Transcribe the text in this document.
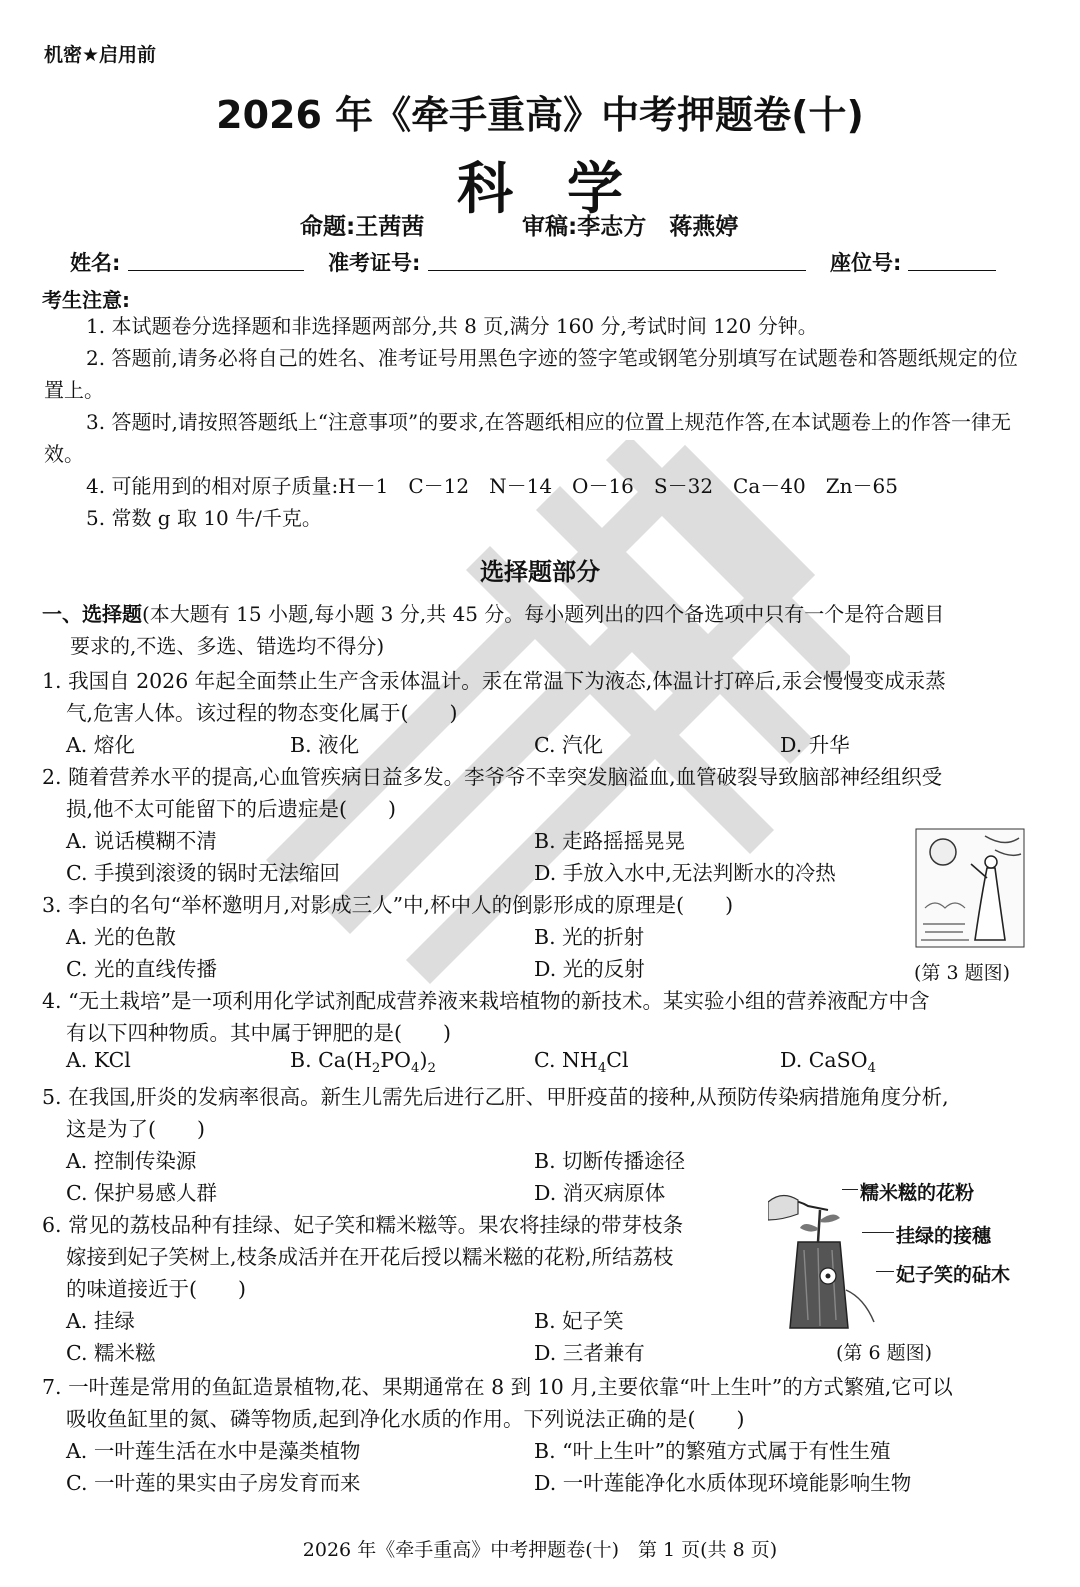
机密★启用前
2026 年《牵手重高》中考押题卷(十)
科学
命题:王茜茜	审稿:李志方　蒋燕婷
姓名:	准考证号:	座位号:
考生注意:
1. 本试题卷分选择题和非选择题两部分,共 8 页,满分 160 分,考试时间 120 分钟。
2. 答题前,请务必将自己的姓名、准考证号用黑色字迹的签字笔或钢笔分别填写在试题卷和答题纸规定的位置上。
3. 答题时,请按照答题纸上“注意事项”的要求,在答题纸相应的位置上规范作答,在本试题卷上的作答一律无效。
4. 可能用到的相对原子质量:H－1　C－12　N－14　O－16　S－32　Ca－40　Zn－65
5. 常数 g 取 10 牛/千克。
选择题部分
一、选择题(本大题有 15 小题,每小题 3 分,共 45 分。每小题列出的四个备选项中只有一个是符合题目
要求的,不选、多选、错选均不得分)
1. 我国自 2026 年起全面禁止生产含汞体温计。汞在常温下为液态,体温计打碎后,汞会慢慢变成汞蒸
气,危害人体。该过程的物态变化属于(　　)
A. 熔化	B. 液化	C. 汽化	D. 升华
2. 随着营养水平的提高,心血管疾病日益多发。李爷爷不幸突发脑溢血,血管破裂导致脑部神经组织受
损,他不太可能留下的后遗症是(　　)
A. 说话模糊不清	B. 走路摇摇晃晃
C. 手摸到滚烫的锅时无法缩回	D. 手放入水中,无法判断水的冷热
(第 3 题图)
3. 李白的名句“举杯邀明月,对影成三人”中,杯中人的倒影形成的原理是(　　)
A. 光的色散	B. 光的折射
C. 光的直线传播	D. 光的反射
4. “无土栽培”是一项利用化学试剂配成营养液来栽培植物的新技术。某实验小组的营养液配方中含
有以下四种物质。其中属于钾肥的是(　　)
A. KCl	B. $Ca(H_2PO_4)_2$	C. $NH_4Cl$	D. CaSO$_4$
5. 在我国,肝炎的发病率很高。新生儿需先后进行乙肝、甲肝疫苗的接种,从预防传染病措施角度分析,
这是为了(　　)
A. 控制传染源	B. 切断传播途径
C. 保护易感人群	D. 消灭病原体	糯米糍的花粉
挂绿的接穗
妃子笑的砧木
(第 6 题图)
6. 常见的荔枝品种有挂绿、妃子笑和糯米糍等。果农将挂绿的带芽枝条
嫁接到妃子笑树上,枝条成活并在开花后授以糯米糍的花粉,所结荔枝
的味道接近于(　　)
A. 挂绿	B. 妃子笑
C. 糯米糍	D. 三者兼有
7. 一叶莲是常用的鱼缸造景植物,花、果期通常在 8 到 10 月,主要依靠“叶上生叶”的方式繁殖,它可以
吸收鱼缸里的氮、磷等物质,起到净化水质的作用。下列说法正确的是(　　)
A. 一叶莲生活在水中是藻类植物	B. “叶上生叶”的繁殖方式属于有性生殖
C. 一叶莲的果实由子房发育而来	D. 一叶莲能净化水质体现环境能影响生物
2026 年《牵手重高》中考押题卷(十)　第 1 页(共 8 页)
